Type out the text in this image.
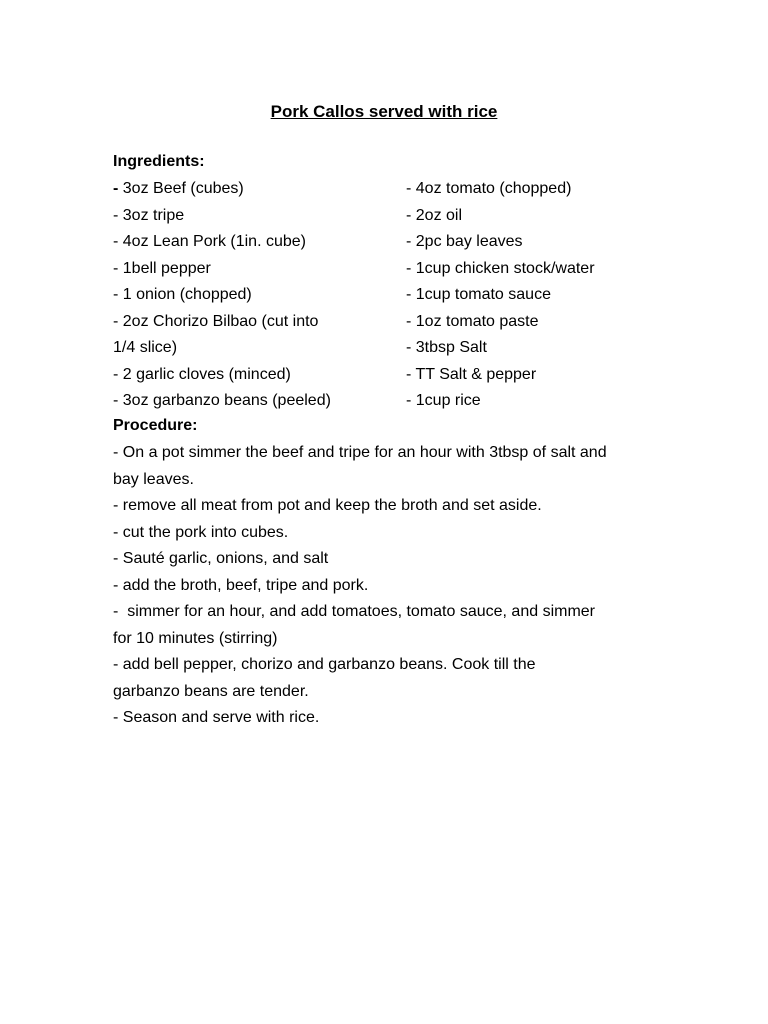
Pork Callos served with rice
Ingredients:
- 3oz Beef (cubes)
- 3oz tripe
- 4oz Lean Pork (1in. cube)
- 1bell pepper
- 1 onion (chopped)
- 2oz Chorizo Bilbao (cut into
1/4 slice)
- 2 garlic cloves (minced)
- 3oz garbanzo beans (peeled)
- 4oz tomato (chopped)
- 2oz oil
- 2pc bay leaves
- 1cup chicken stock/water
- 1cup tomato sauce
- 1oz tomato paste
- 3tbsp Salt
- TT Salt & pepper
- 1cup rice
Procedure:
- On a pot simmer the beef and tripe for an hour with 3tbsp of salt and
bay leaves.
- remove all meat from pot and keep the broth and set aside.
- cut the pork into cubes.
- Sauté garlic, onions, and salt
- add the broth, beef, tripe and pork.
-  simmer for an hour, and add tomatoes, tomato sauce, and simmer
for 10 minutes (stirring)
- add bell pepper, chorizo and garbanzo beans. Cook till the
garbanzo beans are tender.
- Season and serve with rice.
